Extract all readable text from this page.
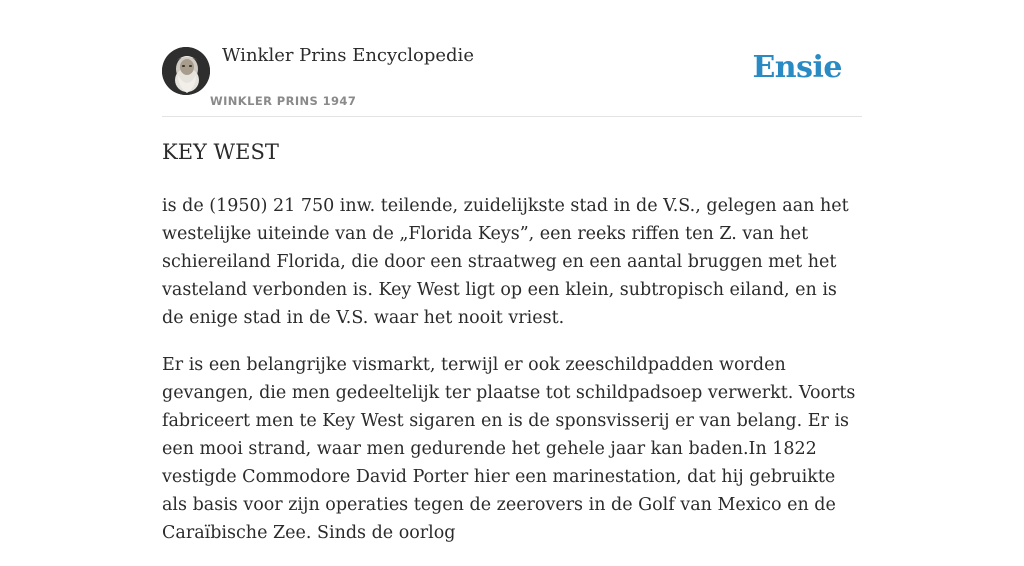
Winkler Prins Encyclopedie
WINKLER PRINS 1947
Ensie
KEY WEST

is de (1950) 21 750 inw. teilende, zuidelijkste stad in de V.S., gelegen aan het westelijke uiteinde van de „Florida Keys”, een reeks riffen ten Z. van het schiereiland Florida, die door een straatweg en een aantal bruggen met het vasteland verbonden is. Key West ligt op een klein, subtropisch eiland, en is de enige stad in de V.S. waar het nooit vriest.

Er is een belangrijke vismarkt, terwijl er ook zeeschildpadden worden gevangen, die men gedeeltelijk ter plaatse tot schildpadsoep verwerkt. Voorts fabriceert men te Key West sigaren en is de sponsvisserij er van belang. Er is een mooi strand, waar men gedurende het gehele jaar kan baden.In 1822 vestigde Commodore David Porter hier een marinestation, dat hij gebruikte als basis voor zijn operaties tegen de zeerovers in de Golf van Mexico en de Caraïbische Zee. Sinds de oorlog
